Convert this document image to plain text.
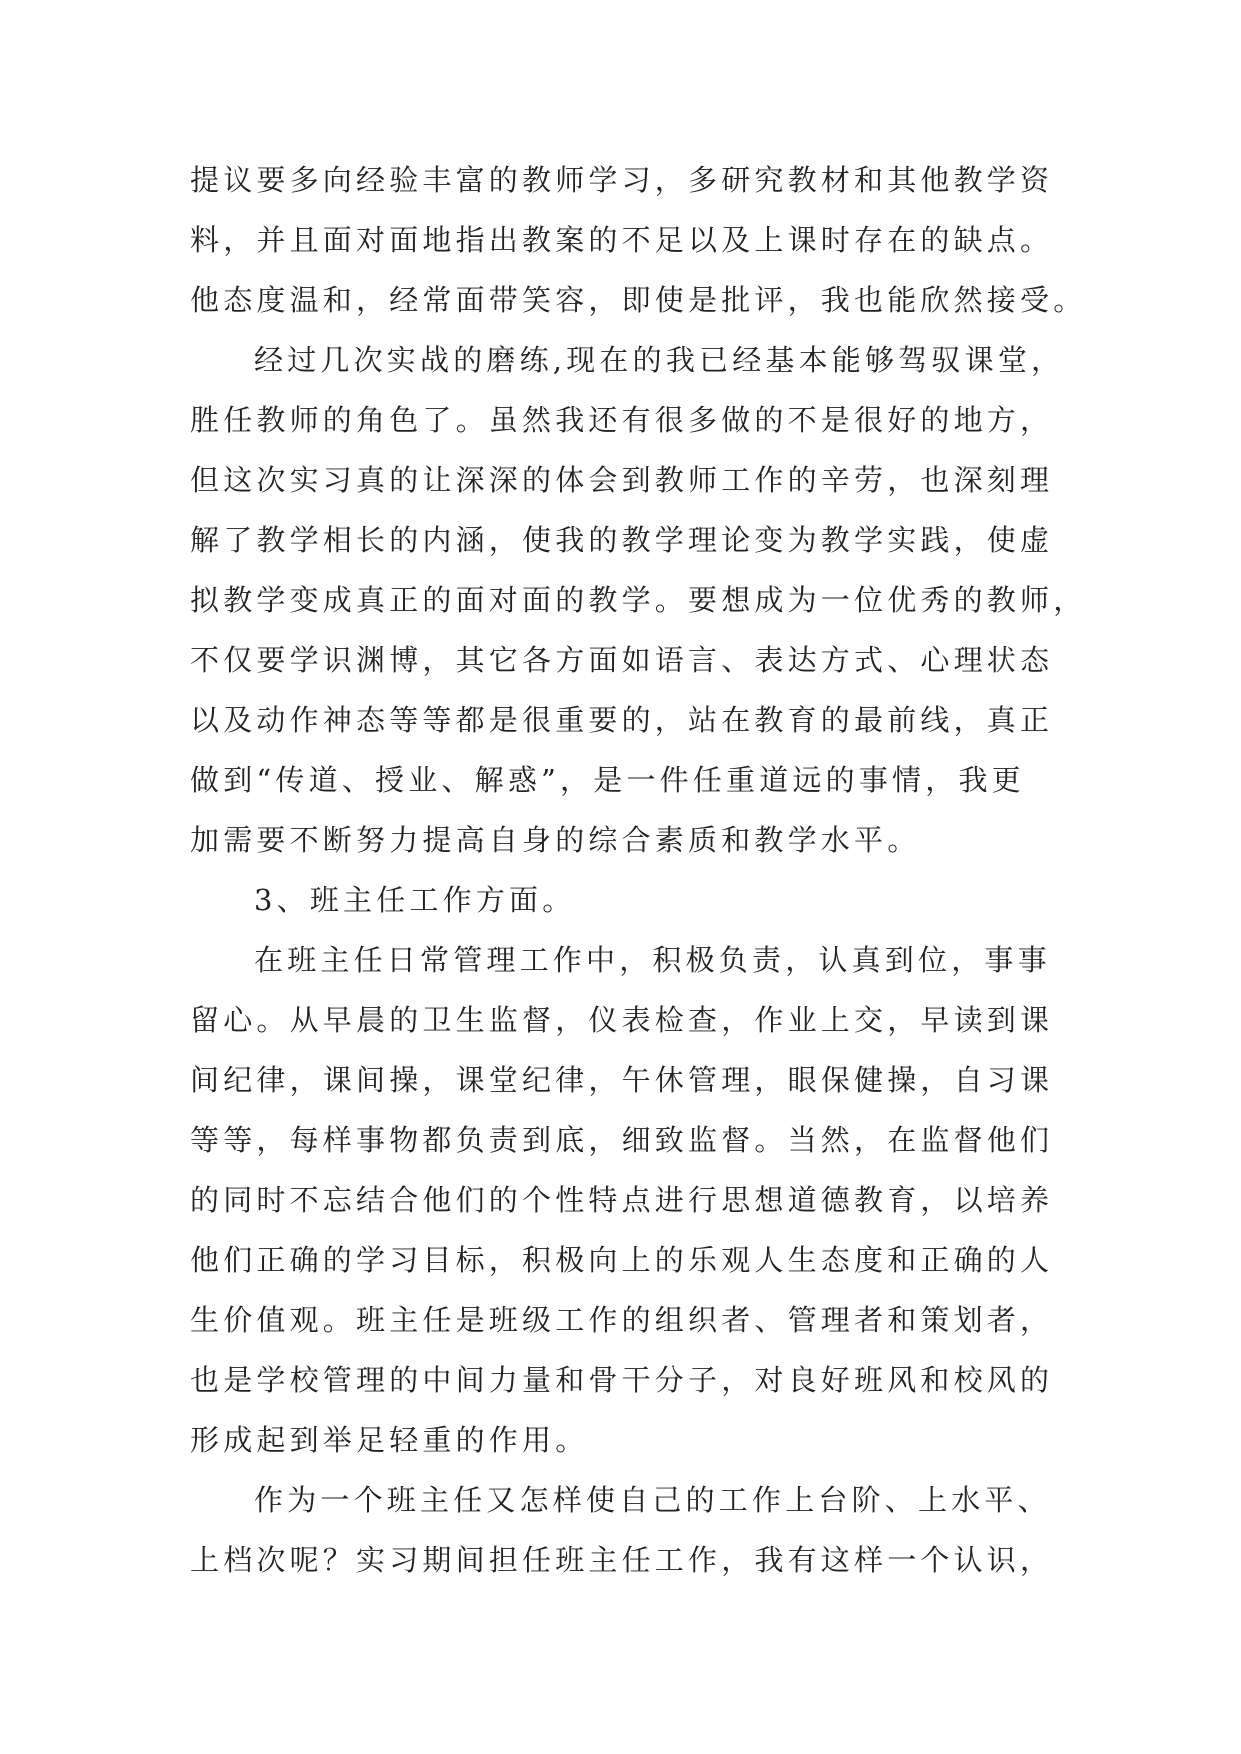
提议要多向经验丰富的教师学习，多研究教材和其他教学资
料，并且面对面地指出教案的不足以及上课时存在的缺点。
他态度温和，经常面带笑容，即使是批评，我也能欣然接受。
经过几次实战的磨练,现在的我已经基本能够驾驭课堂，
胜任教师的角色了。虽然我还有很多做的不是很好的地方，
但这次实习真的让深深的体会到教师工作的辛劳，也深刻理
解了教学相长的内涵，使我的教学理论变为教学实践，使虚
拟教学变成真正的面对面的教学。要想成为一位优秀的教师，
不仅要学识渊博，其它各方面如语言、表达方式、心理状态
以及动作神态等等都是很重要的，站在教育的最前线，真正
做到“传道、授业、解惑”，是一件任重道远的事情，我更
加需要不断努力提高自身的综合素质和教学水平。
3、班主任工作方面。
在班主任日常管理工作中，积极负责，认真到位，事事
留心。从早晨的卫生监督，仪表检查，作业上交，早读到课
间纪律，课间操，课堂纪律，午休管理，眼保健操，自习课
等等，每样事物都负责到底，细致监督。当然，在监督他们
的同时不忘结合他们的个性特点进行思想道德教育，以培养
他们正确的学习目标，积极向上的乐观人生态度和正确的人
生价值观。班主任是班级工作的组织者、管理者和策划者，
也是学校管理的中间力量和骨干分子，对良好班风和校风的
形成起到举足轻重的作用。
作为一个班主任又怎样使自己的工作上台阶、上水平、
上档次呢？实习期间担任班主任工作，我有这样一个认识，
